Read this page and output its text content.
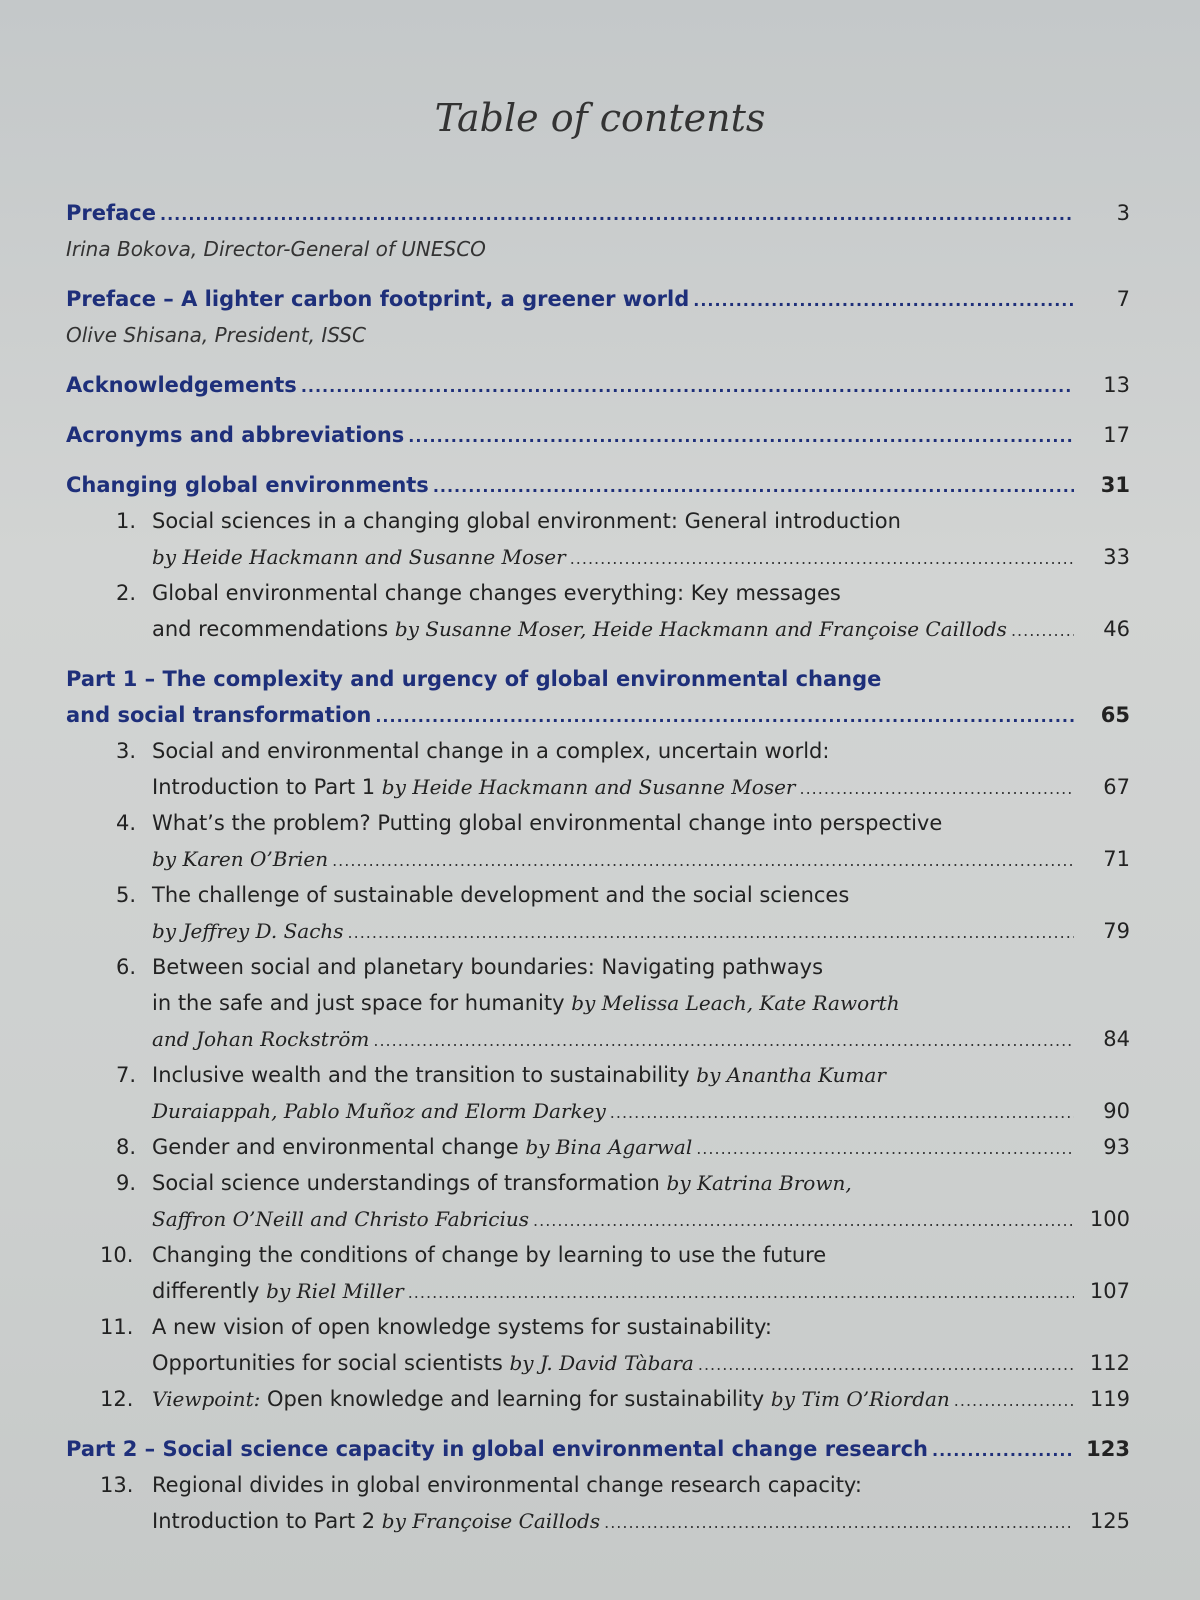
Table of contents
Preface .....	3
Irina Bokova, Director-General of UNESCO
Preface – A lighter carbon footprint, a greener world .....	7
Olive Shisana, President, ISSC
Acknowledgements .....	13
Acronyms and abbreviations .....	17
Changing global environments .....	31
1. Social sciences in a changing global environment: General introduction
by Heide Hackmann and Susanne Moser .....	33
2. Global environmental change changes everything: Key messages
and recommendations by Susanne Moser, Heide Hackmann and Françoise Caillods .....	46
Part 1 – The complexity and urgency of global environmental change
and social transformation .....	65
3. Social and environmental change in a complex, uncertain world:
Introduction to Part 1 by Heide Hackmann and Susanne Moser .....	67
4. What’s the problem? Putting global environmental change into perspective
by Karen O’Brien .....	71
5. The challenge of sustainable development and the social sciences
by Jeffrey D. Sachs .....	79
6. Between social and planetary boundaries: Navigating pathways
in the safe and just space for humanity by Melissa Leach, Kate Raworth
and Johan Rockström .....	84
7. Inclusive wealth and the transition to sustainability by Anantha Kumar
Duraiappah, Pablo Muñoz and Elorm Darkey .....	90
8. Gender and environmental change by Bina Agarwal .....	93
9. Social science understandings of transformation by Katrina Brown,
Saffron O’Neill and Christo Fabricius .....	100
10. Changing the conditions of change by learning to use the future
differently by Riel Miller .....	107
11. A new vision of open knowledge systems for sustainability:
Opportunities for social scientists by J. David Tàbara .....	112
12. Viewpoint: Open knowledge and learning for sustainability by Tim O’Riordan .....	119
Part 2 – Social science capacity in global environmental change research .....	123
13. Regional divides in global environmental change research capacity:
Introduction to Part 2 by Françoise Caillods .....	125
